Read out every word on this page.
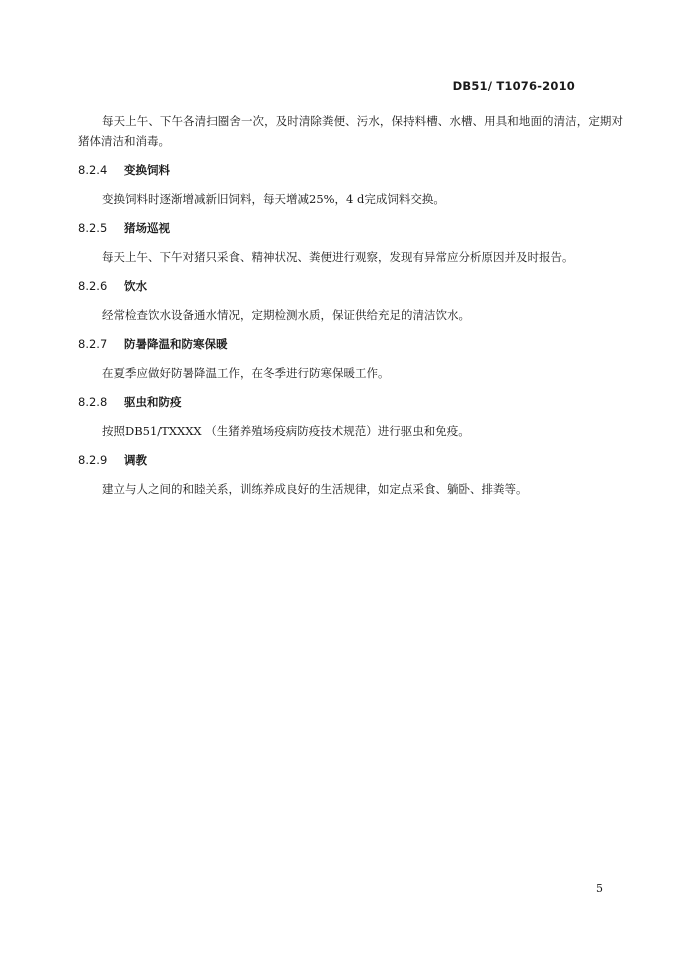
DB51/ T1076-2010

每天上午、下午各清扫圈舍一次，及时清除粪便、污水，保持料槽、水槽、用具和地面的清洁，定期对猪体清洁和消毒。

8.2.4 变换饲料

变换饲料时逐渐增减新旧饲料，每天增减25%，4 d完成饲料交换。

8.2.5 猪场巡视

每天上午、下午对猪只采食、精神状况、粪便进行观察，发现有异常应分析原因并及时报告。

8.2.6 饮水

经常检查饮水设备通水情况，定期检测水质，保证供给充足的清洁饮水。

8.2.7 防暑降温和防寒保暖

在夏季应做好防暑降温工作，在冬季进行防寒保暖工作。

8.2.8 驱虫和防疫

按照DB51/TXXXX （生猪养殖场疫病防疫技术规范）进行驱虫和免疫。

8.2.9 调教

建立与人之间的和睦关系，训练养成良好的生活规律，如定点采食、躺卧、排粪等。

5
